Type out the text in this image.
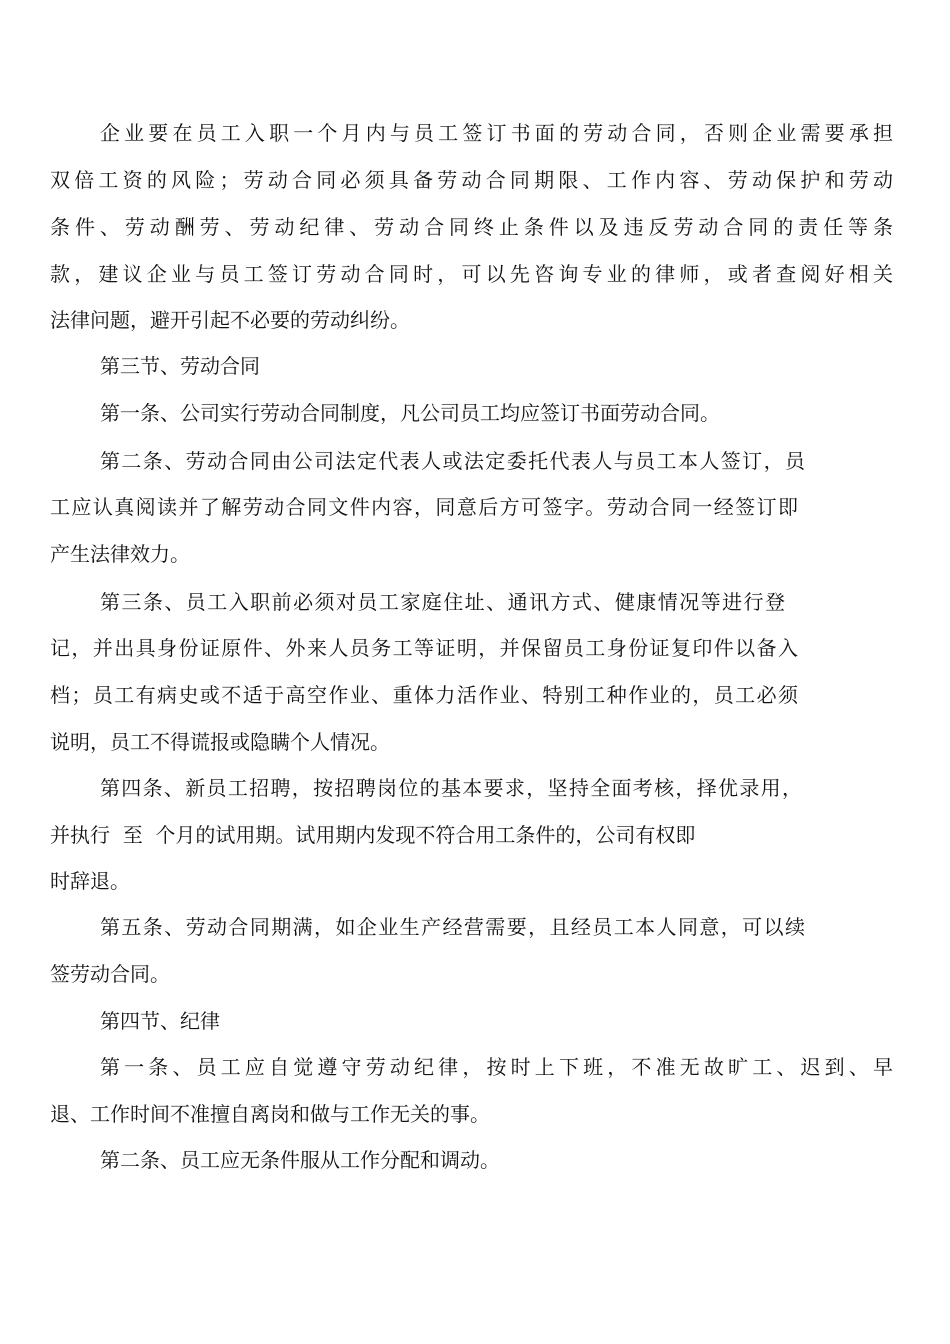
企业要在员工入职一个月内与员工签订书面的劳动合同，否则企业需要承担

双倍工资的风险；劳动合同必须具备劳动合同期限、工作内容、劳动保护和劳动

条件、劳动酬劳、劳动纪律、劳动合同终止条件以及违反劳动合同的责任等条

款，建议企业与员工签订劳动合同时，可以先咨询专业的律师，或者查阅好相关

法律问题，避开引起不必要的劳动纠纷。

第三节、劳动合同

第一条、公司实行劳动合同制度，凡公司员工均应签订书面劳动合同。

第二条、劳动合同由公司法定代表人或法定委托代表人与员工本人签订，员

工应认真阅读并了解劳动合同文件内容，同意后方可签字。劳动合同一经签订即

产生法律效力。

第三条、员工入职前必须对员工家庭住址、通讯方式、健康情况等进行登

记，并出具身份证原件、外来人员务工等证明，并保留员工身份证复印件以备入

档；员工有病史或不适于高空作业、重体力活作业、特别工种作业的，员工必须

说明，员工不得谎报或隐瞒个人情况。

第四条、新员工招聘，按招聘岗位的基本要求，坚持全面考核，择优录用，

并执行  至  个月的试用期。试用期内发现不符合用工条件的，公司有权即

时辞退。

第五条、劳动合同期满，如企业生产经营需要，且经员工本人同意，可以续

签劳动合同。

第四节、纪律

第一条、员工应自觉遵守劳动纪律，按时上下班，不准无故旷工、迟到、早

退、工作时间不准擅自离岗和做与工作无关的事。

第二条、员工应无条件服从工作分配和调动。
